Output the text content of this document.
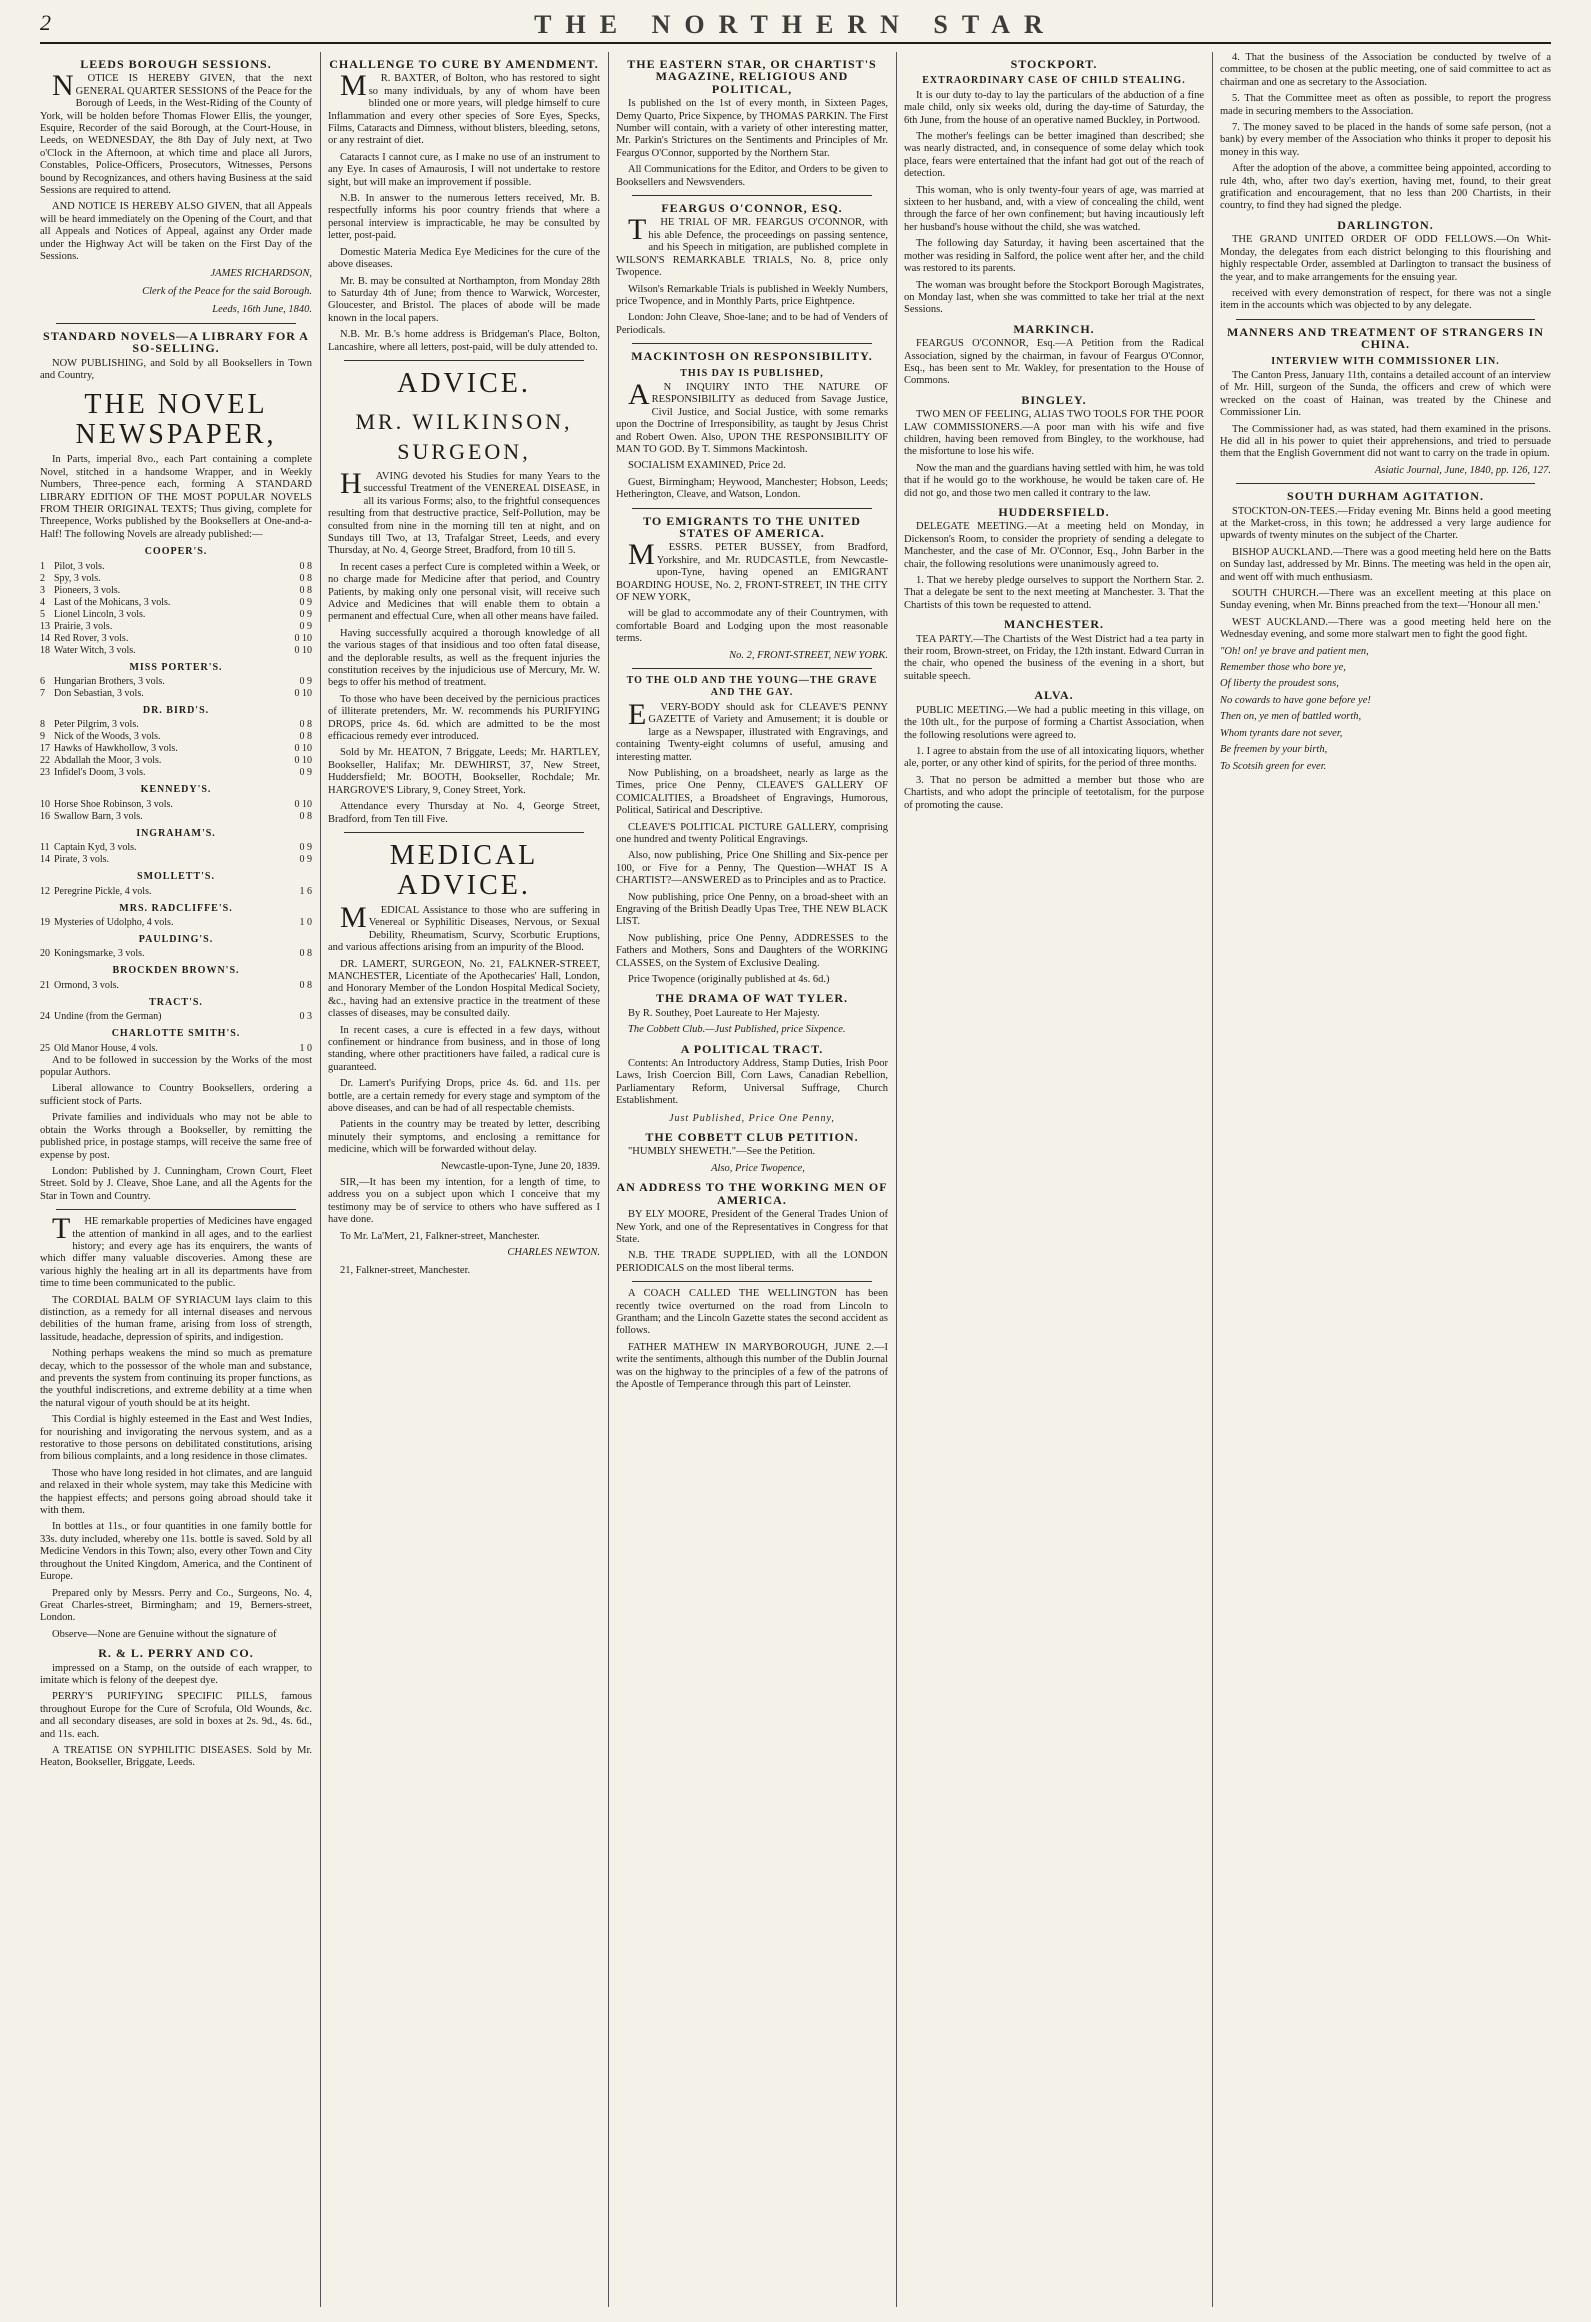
2	THE NORTHERN STAR
LEEDS BOROUGH SESSIONS.

NOTICE IS HEREBY GIVEN, that the next GENERAL QUARTER SESSIONS of the Peace for the Borough of Leeds, in the West-Riding of the County of York, will be holden before Thomas Flower Ellis, the younger, Esquire, Recorder of the said Borough, at the Court-House, in Leeds, on WEDNESDAY, the 8th Day of July next, at Two o'Clock in the Afternoon, at which time and place all Jurors, Constables, Police-Officers, Prosecutors, Witnesses, Persons bound by Recognizances, and others having Business at the said Sessions are required to attend.

AND NOTICE IS HEREBY ALSO GIVEN, that all Appeals will be heard immediately on the Opening of the Court, and that all Appeals and Notices of Appeal, against any Order made under the Highway Act will be taken on the First Day of the Sessions.

JAMES RICHARDSON,
Clerk of the Peace for the said Borough.
Leeds, 16th June, 1840.
STANDARD NOVELS—A LIBRARY FOR A SO-SELLING.

NOW PUBLISHING, and Sold by all Booksellers in Town and Country,

THE NOVEL NEWSPAPER,

In Parts, imperial 8vo., each Part containing a complete Novel, stitched in a handsome Wrapper, and in Weekly Numbers, Three-pence each, forming A STANDARD LIBRARY EDITION OF THE MOST POPULAR NOVELS FROM THEIR ORIGINAL TEXTS; Thus giving, complete for Threepence, Works published by the Booksellers at One-and-a-Half! The following Novels are already published:—

COOPER'S.
1	Pilot, 3 vols.	0 8
2	Spy, 3 vols.	0 8
3	Pioneers, 3 vols.	0 8
4	Last of the Mohicans, 3 vols.	0 9
5	Lionel Lincoln, 3 vols.	0 9
13	Prairie, 3 vols.	0 9
14	Red Rover, 3 vols.	0 10
18	Water Witch, 3 vols.	0 10
MISS PORTER'S.
6	Hungarian Brothers, 3 vols.	0 9
7	Don Sebastian, 3 vols.	0 10
DR. BIRD'S.
8	Peter Pilgrim, 3 vols.	0 8
9	Nick of the Woods, 3 vols.	0 8
17	Hawks of Hawkhollow, 3 vols.	0 10
22	Abdallah the Moor, 3 vols.	0 10
23	Infidel's Doom, 3 vols.	0 9
KENNEDY'S.
10	Horse Shoe Robinson, 3 vols.	0 10
16	Swallow Barn, 3 vols.	0 8
INGRAHAM'S.
11	Captain Kyd, 3 vols.	0 9
14	Pirate, 3 vols.	0 9
SMOLLETT'S.
12	Peregrine Pickle, 4 vols.	1 6
MRS. RADCLIFFE'S.
19	Mysteries of Udolpho, 4 vols.	1 0
PAULDING'S.
20	Koningsmarke, 3 vols.	0 8
BROCKDEN BROWN'S.
21	Ormond, 3 vols.	0 8
TRACT'S.
24	Undine (from the German)	0 3
CHARLOTTE SMITH'S.
25	Old Manor House, 4 vols.	1 0

And to be followed in succession by the Works of the most popular Authors.

Liberal allowance to Country Booksellers, ordering a sufficient stock of Parts.

Private families and individuals who may not be able to obtain the Works through a Bookseller, by remitting the published price, in postage stamps, will receive the same free of expense by post.

London: Published by J. Cunningham, Crown Court, Fleet Street. Sold by J. Cleave, Shoe Lane, and all the Agents for the Star in Town and Country.

THE remarkable properties of Medicines have engaged the attention of mankind in all ages, and to the earliest history; and every age has its enquirers, the wants of which differ many valuable discoveries. Among these are various highly the healing art in all its departments have from time to time been communicated to the public.

The CORDIAL BALM OF SYRIACUM lays claim to this distinction, as a remedy for all internal diseases and nervous debilities of the human frame, arising from loss of strength, lassitude, headache, depression of spirits, and indigestion.

Nothing perhaps weakens the mind so much as premature decay, which to the possessor of the whole man and substance, and prevents the system from continuing its proper functions, as the youthful indiscretions, and extreme debility at a time when the natural vigour of youth should be at its height.

This Cordial is highly esteemed in the East and West Indies, for nourishing and invigorating the nervous system, and as a restorative to those persons on debilitated constitutions, arising from bilious complaints, and a long residence in those climates.

Those who have long resided in hot climates, and are languid and relaxed in their whole system, may take this Medicine with the happiest effects; and persons going abroad should take it with them.

In bottles at 11s., or four quantities in one family bottle for 33s. duty included, whereby one 11s. bottle is saved. Sold by all Medicine Vendors in this Town; also, every other Town and City throughout the United Kingdom, America, and the Continent of Europe.

Prepared only by Messrs. Perry and Co., Surgeons, No. 4, Great Charles-street, Birmingham; and 19, Berners-street, London.

Observe—None are Genuine without the signature of

R. & L. PERRY AND CO.

impressed on a Stamp, on the outside of each wrapper, to imitate which is felony of the deepest dye.

PERRY'S PURIFYING SPECIFIC PILLS, famous throughout Europe for the Cure of Scrofula, Old Wounds, &c. and all secondary diseases, are sold in boxes at 2s. 9d., 4s. 6d., and 11s. each.

A TREATISE ON SYPHILITIC DISEASES. Sold by Mr. Heaton, Bookseller, Briggate, Leeds.

CHALLENGE TO CURE BY AMENDMENT.

MR. BAXTER, of Bolton, who has restored to sight so many individuals, by any of whom have been blinded one or more years, will pledge himself to cure Inflammation and every other species of Sore Eyes, Specks, Films, Cataracts and Dimness, without blisters, bleeding, setons, or any restraint of diet.

Cataracts I cannot cure, as I make no use of an instrument to any Eye. In cases of Amaurosis, I will not undertake to restore sight, but will make an improvement if possible.

N.B. In answer to the numerous letters received, Mr. B. respectfully informs his poor country friends that where a personal interview is impracticable, he may be consulted by letter, post-paid.

Domestic Materia Medica Eye Medicines for the cure of the above diseases.

Mr. B. may be consulted at Northampton, from Monday 28th to Saturday 4th of June; from thence to Warwick, Worcester, Gloucester, and Bristol. The places of abode will be made known in the local papers.

N.B. Mr. B.'s home address is Bridgeman's Place, Bolton, Lancashire, where all letters, post-paid, will be duly attended to.

ADVICE.
MR. WILKINSON, SURGEON,

HAVING devoted his Studies for many Years to the successful Treatment of the VENEREAL DISEASE, in all its various Forms; also, to the frightful consequences resulting from that destructive practice, Self-Pollution, may be consulted from nine in the morning till ten at night, and on Sundays till Two, at 13, Trafalgar Street, Leeds, and every Thursday, at No. 4, George Street, Bradford, from 10 till 5.

In recent cases a perfect Cure is completed within a Week, or no charge made for Medicine after that period, and Country Patients, by making only one personal visit, will receive such Advice and Medicines that will enable them to obtain a permanent and effectual Cure, when all other means have failed.

Having successfully acquired a thorough knowledge of all the various stages of that insidious and too often fatal disease, and the deplorable results, as well as the frequent injuries the constitution receives by the injudicious use of Mercury, Mr. W. begs to offer his method of treatment.

To those who have been deceived by the pernicious practices of illiterate pretenders, Mr. W. recommends his PURIFYING DROPS, price 4s. 6d. which are admitted to be the most efficacious remedy ever introduced.

Sold by Mr. HEATON, 7 Briggate, Leeds; Mr. HARTLEY, Bookseller, Halifax; Mr. DEWHIRST, 37, New Street, Huddersfield; Mr. BOOTH, Bookseller, Rochdale; Mr. HARGROVE'S Library, 9, Coney Street, York.

Attendance every Thursday at No. 4, George Street, Bradford, from Ten till Five.

MEDICAL ADVICE.

MEDICAL Assistance to those who are suffering in Venereal or Syphilitic Diseases, Nervous, or Sexual Debility, Rheumatism, Scurvy, Scorbutic Eruptions, and various affections arising from an impurity of the Blood.

DR. LAMERT, SURGEON, No. 21, FALKNER-STREET, MANCHESTER, Licentiate of the Apothecaries' Hall, London, and Honorary Member of the London Hospital Medical Society, &c., having had an extensive practice in the treatment of these classes of diseases, may be consulted daily.

In recent cases, a cure is effected in a few days, without confinement or hindrance from business, and in those of long standing, where other practitioners have failed, a radical cure is guaranteed.

Dr. Lamert's Purifying Drops, price 4s. 6d. and 11s. per bottle, are a certain remedy for every stage and symptom of the above diseases, and can be had of all respectable chemists.

Patients in the country may be treated by letter, describing minutely their symptoms, and enclosing a remittance for medicine, which will be forwarded without delay.

Newcastle-upon-Tyne, June 20, 1839.

SIR,—It has been my intention, for a length of time, to address you on a subject upon which I conceive that my testimony may be of service to others who have suffered as I have done.

To Mr. La'Mert, 21, Falkner-street, Manchester.

CHARLES NEWTON.

21, Falkner-street, Manchester.

THE EASTERN STAR, OR CHARTIST'S MAGAZINE, RELIGIOUS AND POLITICAL,

Is published on the 1st of every month, in Sixteen Pages, Demy Quarto, Price Sixpence, by THOMAS PARKIN. The First Number will contain, with a variety of other interesting matter, Mr. Parkin's Strictures on the Sentiments and Principles of Mr. Feargus O'Connor, supported by the Northern Star.

All Communications for the Editor, and Orders to be given to Booksellers and Newsvenders.

FEARGUS O'CONNOR, ESQ.

THE TRIAL OF MR. FEARGUS O'CONNOR, with his able Defence, the proceedings on passing sentence, and his Speech in mitigation, are published complete in WILSON'S REMARKABLE TRIALS, No. 8, price only Twopence.

Wilson's Remarkable Trials is published in Weekly Numbers, price Twopence, and in Monthly Parts, price Eightpence.

London: John Cleave, Shoe-lane; and to be had of Venders of Periodicals.

MACKINTOSH ON RESPONSIBILITY.
THIS DAY IS PUBLISHED,

AN INQUIRY INTO THE NATURE OF RESPONSIBILITY as deduced from Savage Justice, Civil Justice, and Social Justice, with some remarks upon the Doctrine of Irresponsibility, as taught by Jesus Christ and Robert Owen. Also, UPON THE RESPONSIBILITY OF MAN TO GOD. By T. Simmons Mackintosh.

SOCIALISM EXAMINED, Price 2d.

Guest, Birmingham; Heywood, Manchester; Hobson, Leeds; Hetherington, Cleave, and Watson, London.

TO EMIGRANTS TO THE UNITED STATES OF AMERICA.

MESSRS. PETER BUSSEY, from Bradford, Yorkshire, and Mr. RUDCASTLE, from Newcastle-upon-Tyne, having opened an EMIGRANT BOARDING HOUSE, No. 2, FRONT-STREET, IN THE CITY OF NEW YORK,

will be glad to accommodate any of their Countrymen, with comfortable Board and Lodging upon the most reasonable terms.

No. 2, FRONT-STREET, NEW YORK.
TO THE OLD AND THE YOUNG—THE GRAVE AND THE GAY.

EVERY-BODY should ask for CLEAVE'S PENNY GAZETTE of Variety and Amusement; it is double or large as a Newspaper, illustrated with Engravings, and containing Twenty-eight columns of useful, amusing and interesting matter.

Now Publishing, on a broadsheet, nearly as large as the Times, price One Penny, CLEAVE'S GALLERY OF COMICALITIES, a Broadsheet of Engravings, Humorous, Political, Satirical and Descriptive.

CLEAVE'S POLITICAL PICTURE GALLERY, comprising one hundred and twenty Political Engravings.

Also, now publishing, Price One Shilling and Six-pence per 100, or Five for a Penny, The Question—WHAT IS A CHARTIST?—ANSWERED as to Principles and as to Practice.

Now publishing, price One Penny, on a broad-sheet with an Engraving of the British Deadly Upas Tree, THE NEW BLACK LIST.

Now publishing, price One Penny, ADDRESSES to the Fathers and Mothers, Sons and Daughters of the WORKING CLASSES, on the System of Exclusive Dealing.

Price Twopence (originally published at 4s. 6d.)

THE DRAMA OF WAT TYLER.

By R. Southey, Poet Laureate to Her Majesty.

The Cobbett Club.—Just Published, price Sixpence.

A POLITICAL TRACT.

Contents: An Introductory Address, Stamp Duties, Irish Poor Laws, Irish Coercion Bill, Corn Laws, Canadian Rebellion, Parliamentary Reform, Universal Suffrage, Church Establishment.

Just Published, Price One Penny,
THE COBBETT CLUB PETITION.

"HUMBLY SHEWETH."—See the Petition.

Also, Price Twopence,

AN ADDRESS TO THE WORKING MEN OF AMERICA.

BY ELY MOORE, President of the General Trades Union of New York, and one of the Representatives in Congress for that State.

N.B. THE TRADE SUPPLIED, with all the LONDON PERIODICALS on the most liberal terms.

A COACH CALLED THE WELLINGTON has been recently twice overturned on the road from Lincoln to Grantham; and the Lincoln Gazette states the second accident as follows.

FATHER MATHEW IN MARYBOROUGH, JUNE 2.—I write the sentiments, although this number of the Dublin Journal was on the highway to the principles of a few of the patrons of the Apostle of Temperance through this part of Leinster.

STOCKPORT.
EXTRAORDINARY CASE OF CHILD STEALING.

It is our duty to-day to lay the particulars of the abduction of a fine male child, only six weeks old, during the day-time of Saturday, the 6th June, from the house of an operative named Buckley, in Portwood.

The mother's feelings can be better imagined than described; she was nearly distracted, and, in consequence of some delay which took place, fears were entertained that the infant had got out of the reach of detection.

This woman, who is only twenty-four years of age, was married at sixteen to her husband, and, with a view of concealing the child, went through the farce of her own confinement; but having incautiously left her husband's house without the child, she was watched.

The following day Saturday, it having been ascertained that the mother was residing in Salford, the police went after her, and the child was restored to its parents.

The woman was brought before the Stockport Borough Magistrates, on Monday last, when she was committed to take her trial at the next Sessions.

MARKINCH.

FEARGUS O'CONNOR, Esq.—A Petition from the Radical Association, signed by the chairman, in favour of Feargus O'Connor, Esq., has been sent to Mr. Wakley, for presentation to the House of Commons.

BINGLEY.

TWO MEN OF FEELING, ALIAS TWO TOOLS FOR THE POOR LAW COMMISSIONERS.—A poor man with his wife and five children, having been removed from Bingley, to the workhouse, had the misfortune to lose his wife.

Now the man and the guardians having settled with him, he was told that if he would go to the workhouse, he would be taken care of. He did not go, and those two men called it contrary to the law.

HUDDERSFIELD.

DELEGATE MEETING.—At a meeting held on Monday, in Dickenson's Room, to consider the propriety of sending a delegate to Manchester, and the case of Mr. O'Connor, Esq., John Barber in the chair, the following resolutions were unanimously agreed to.

1. That we hereby pledge ourselves to support the Northern Star. 2. That a delegate be sent to the next meeting at Manchester. 3. That the Chartists of this town be requested to attend.

MANCHESTER.

TEA PARTY.—The Chartists of the West District had a tea party in their room, Brown-street, on Friday, the 12th instant. Edward Curran in the chair, who opened the business of the evening in a short, but suitable speech.

ALVA.

PUBLIC MEETING.—We had a public meeting in this village, on the 10th ult., for the purpose of forming a Chartist Association, when the following resolutions were agreed to.

1. I agree to abstain from the use of all intoxicating liquors, whether ale, porter, or any other kind of spirits, for the period of three months.

3. That no person be admitted a member but those who are Chartists, and who adopt the principle of teetotalism, for the purpose of promoting the cause.

4. That the business of the Association be conducted by twelve of a committee, to be chosen at the public meeting, one of said committee to act as chairman and one as secretary to the Association.

5. That the Committee meet as often as possible, to report the progress made in securing members to the Association.

7. The money saved to be placed in the hands of some safe person, (not a bank) by every member of the Association who thinks it proper to deposit his money in this way.

After the adoption of the above, a committee being appointed, according to rule 4th, who, after two day's exertion, having met, found, to their great gratification and encouragement, that no less than 200 Chartists, in their country, to find they had signed the pledge.

DARLINGTON.

THE GRAND UNITED ORDER OF ODD FELLOWS.—On Whit-Monday, the delegates from each district belonging to this flourishing and highly respectable Order, assembled at Darlington to transact the business of the year, and to make arrangements for the ensuing year.

received with every demonstration of respect, for there was not a single item in the accounts which was objected to by any delegate.

MANNERS AND TREATMENT OF STRANGERS IN CHINA.
INTERVIEW WITH COMMISSIONER LIN.

The Canton Press, January 11th, contains a detailed account of an interview of Mr. Hill, surgeon of the Sunda, the officers and crew of which were wrecked on the coast of Hainan, was treated by the Chinese and Commissioner Lin.

The Commissioner had, as was stated, had them examined in the prisons. He did all in his power to quiet their apprehensions, and tried to persuade them that the English Government did not want to carry on the trade in opium.

Asiatic Journal, June, 1840, pp. 126, 127.
SOUTH DURHAM AGITATION.

STOCKTON-ON-TEES.—Friday evening Mr. Binns held a good meeting at the Market-cross, in this town; he addressed a very large audience for upwards of twenty minutes on the subject of the Charter.

BISHOP AUCKLAND.—There was a good meeting held here on the Batts on Sunday last, addressed by Mr. Binns. The meeting was held in the open air, and went off with much enthusiasm.

SOUTH CHURCH.—There was an excellent meeting at this place on Sunday evening, when Mr. Binns preached from the text—'Honour all men.'

WEST AUCKLAND.—There was a good meeting held here on the Wednesday evening, and some more stalwart men to fight the good fight.

"Oh! on! ye brave and patient men,

Remember those who bore ye,

Of liberty the proudest sons,

No cowards to have gone before ye!

Then on, ye men of battled worth,

Whom tyrants dare not sever,

Be freemen by your birth,

To Scotsih green for ever.
